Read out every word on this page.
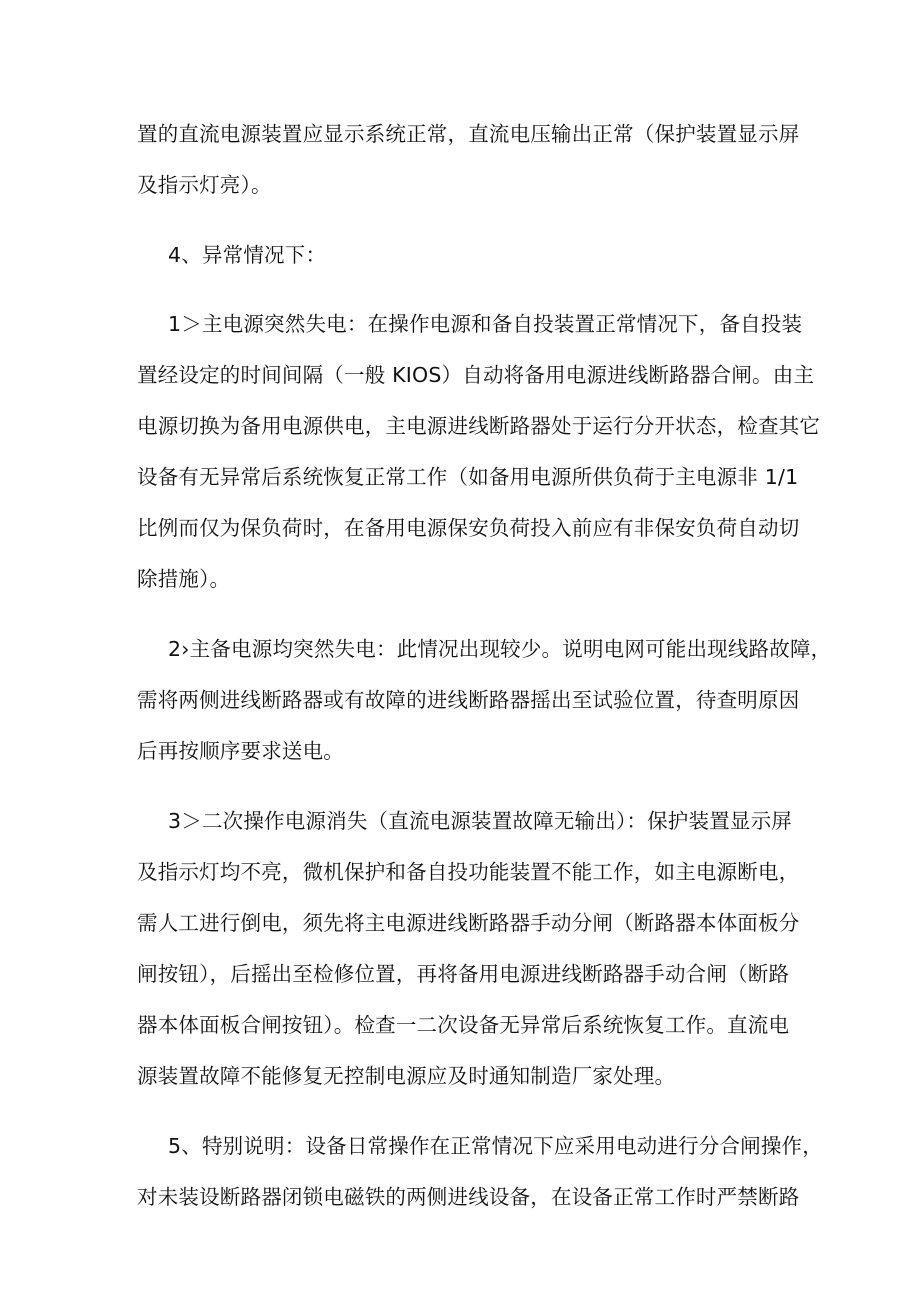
置的直流电源装置应显示系统正常，直流电压输出正常（保护装置显示屏
及指示灯亮）。
4、异常情况下：
1＞主电源突然失电：在操作电源和备自投装置正常情况下，备自投装
置经设定的时间间隔（一般 KIOS）自动将备用电源进线断路器合闸。由主
电源切换为备用电源供电，主电源进线断路器处于运行分开状态，检查其它
设备有无异常后系统恢复正常工作（如备用电源所供负荷于主电源非 1/1
比例而仅为保负荷时，在备用电源保安负荷投入前应有非保安负荷自动切
除措施）。
2›主备电源均突然失电：此情况出现较少。说明电网可能出现线路故障，
需将两侧进线断路器或有故障的进线断路器摇出至试验位置，待查明原因
后再按顺序要求送电。
3＞二次操作电源消失（直流电源装置故障无输出）：保护装置显示屏
及指示灯均不亮，微机保护和备自投功能装置不能工作，如主电源断电，
需人工进行倒电，须先将主电源进线断路器手动分闸（断路器本体面板分
闸按钮），后摇出至检修位置，再将备用电源进线断路器手动合闸（断路
器本体面板合闸按钮）。检查一二次设备无异常后系统恢复工作。直流电
源装置故障不能修复无控制电源应及时通知制造厂家处理。
5、特别说明：设备日常操作在正常情况下应采用电动进行分合闸操作，
对未装设断路器闭锁电磁铁的两侧进线设备，在设备正常工作时严禁断路
